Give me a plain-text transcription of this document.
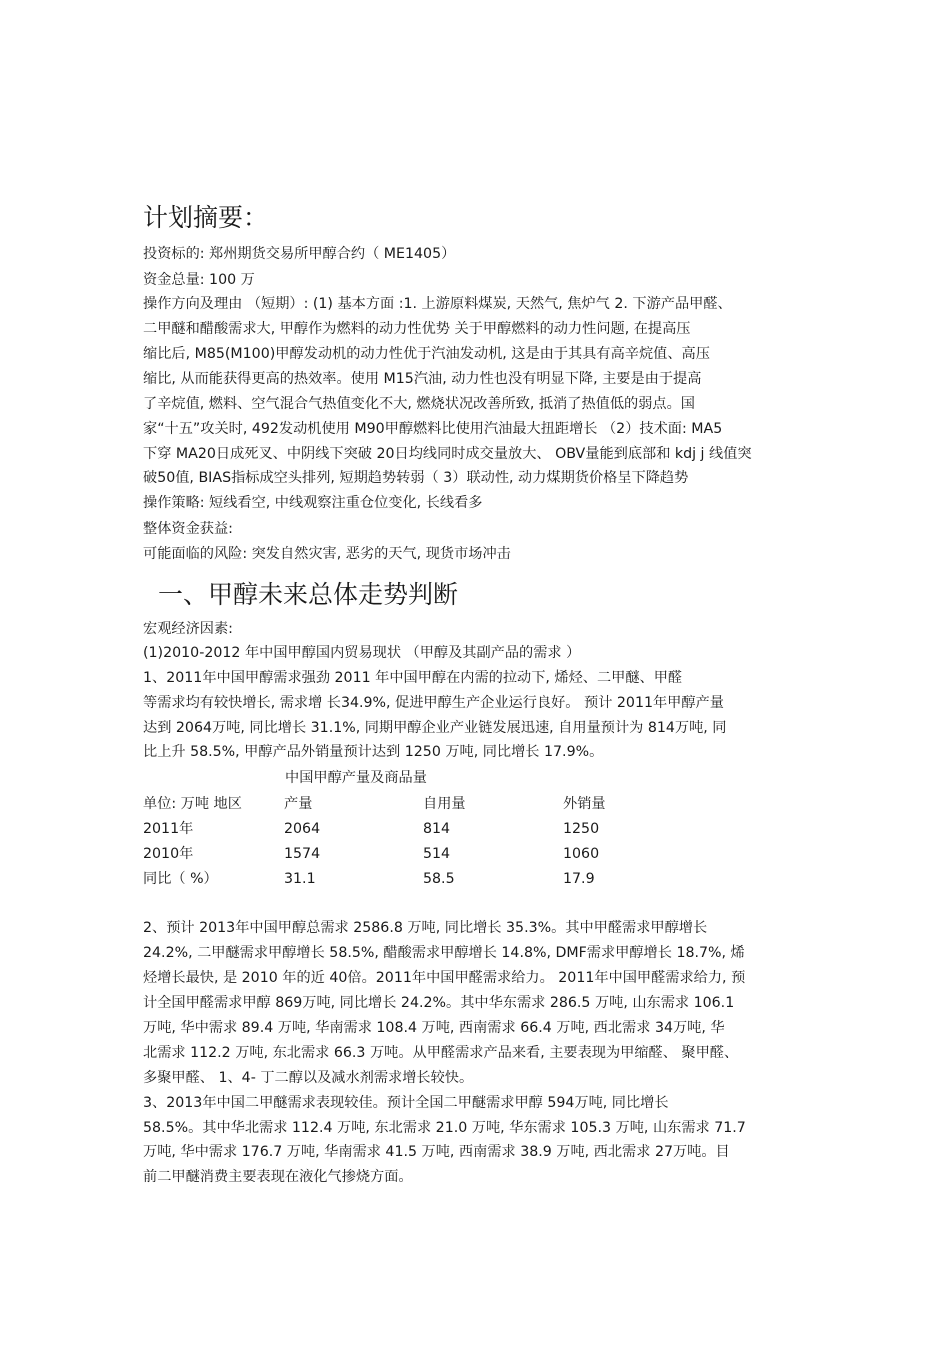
计划摘要：
投资标的: 郑州期货交易所甲醇合约（ ME1405）
资金总量: 100 万
操作方向及理由 （短期）: (1) 基本方面 :1. 上游原料煤炭, 天然气, 焦炉气 2. 下游产品甲醛、
二甲醚和醋酸需求大, 甲醇作为燃料的动力性优势 关于甲醇燃料的动力性问题, 在提高压
缩比后, M85(M100)甲醇发动机的动力性优于汽油发动机, 这是由于其具有高辛烷值、高压
缩比, 从而能获得更高的热效率。使用 M15汽油, 动力性也没有明显下降, 主要是由于提高
了辛烷值, 燃料、空气混合气热值变化不大, 燃烧状况改善所致, 抵消了热值低的弱点。国
家“十五”攻关时, 492发动机使用 M90甲醇燃料比使用汽油最大扭距增长 （2）技术面: MA5
下穿 MA20日成死叉、中阴线下突破 20日均线同时成交量放大、 OBV量能到底部和 kdj j 线值突
破50值, BIAS指标成空头排列, 短期趋势转弱（ 3）联动性, 动力煤期货价格呈下降趋势
操作策略: 短线看空, 中线观察注重仓位变化, 长线看多
整体资金获益:
可能面临的风险: 突发自然灾害, 恶劣的天气, 现货市场冲击
一、甲醇未来总体走势判断
宏观经济因素:
(1)2010-2012 年中国甲醇国内贸易现状 （甲醇及其副产品的需求 ）
1、2011年中国甲醇需求强劲 2011 年中国甲醇在内需的拉动下, 烯烃、二甲醚、甲醛
等需求均有较快增长, 需求增 长34.9%, 促进甲醇生产企业运行良好。 预计 2011年甲醇产量
达到 2064万吨, 同比增长 31.1%, 同期甲醇企业产业链发展迅速, 自用量预计为 814万吨, 同
比上升 58.5%, 甲醇产品外销量预计达到 1250 万吨, 同比增长 17.9%。
中国甲醇产量及商品量
单位: 万吨 地区	产量	自用量	外销量
2011年	2064	814	1250
2010年	1574	514	1060
同比（ %）	31.1	58.5	17.9
2、预计 2013年中国甲醇总需求 2586.8 万吨, 同比增长 35.3%。其中甲醛需求甲醇增长
24.2%, 二甲醚需求甲醇增长 58.5%, 醋酸需求甲醇增长 14.8%, DMF需求甲醇增长 18.7%, 烯
烃增长最快, 是 2010 年的近 40倍。2011年中国甲醛需求给力。 2011年中国甲醛需求给力, 预
计全国甲醛需求甲醇 869万吨, 同比增长 24.2%。其中华东需求 286.5 万吨, 山东需求 106.1
万吨, 华中需求 89.4 万吨, 华南需求 108.4 万吨, 西南需求 66.4 万吨, 西北需求 34万吨, 华
北需求 112.2 万吨, 东北需求 66.3 万吨。从甲醛需求产品来看, 主要表现为甲缩醛、 聚甲醛、
多聚甲醛、 1、4- 丁二醇以及减水剂需求增长较快。
3、2013年中国二甲醚需求表现较佳。预计全国二甲醚需求甲醇 594万吨, 同比增长
58.5%。其中华北需求 112.4 万吨, 东北需求 21.0 万吨, 华东需求 105.3 万吨, 山东需求 71.7
万吨, 华中需求 176.7 万吨, 华南需求 41.5 万吨, 西南需求 38.9 万吨, 西北需求 27万吨。目
前二甲醚消费主要表现在液化气掺烧方面。
